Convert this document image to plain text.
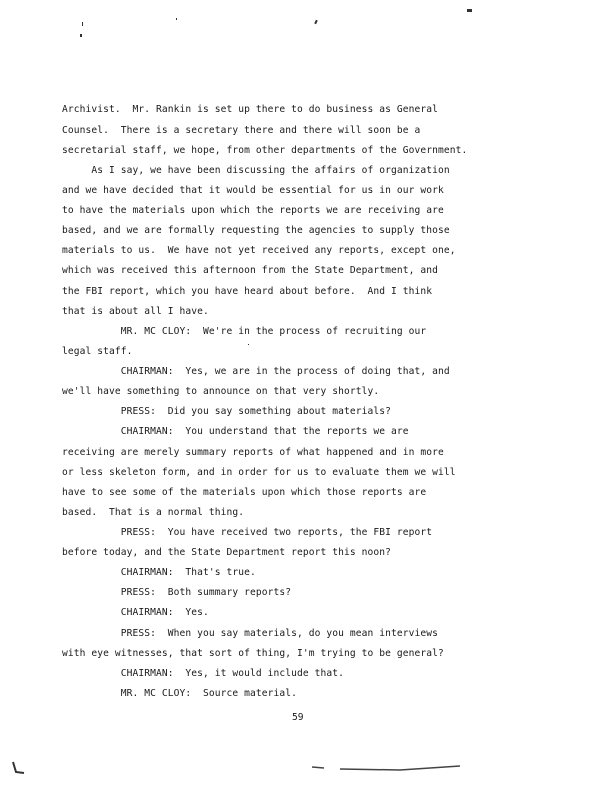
Archivist.  Mr. Rankin is set up there to do business as General
Counsel.  There is a secretary there and there will soon be a
secretarial staff, we hope, from other departments of the Government.
As I say, we have been discussing the affairs of organization
and we have decided that it would be essential for us in our work
to have the materials upon which the reports we are receiving are
based, and we are formally requesting the agencies to supply those
materials to us.  We have not yet received any reports, except one,
which was received this afternoon from the State Department, and
the FBI report, which you have heard about before.  And I think
that is about all I have.
MR. MC CLOY:  We're in the process of recruiting our
legal staff.
CHAIRMAN:  Yes, we are in the process of doing that, and
we'll have something to announce on that very shortly.
PRESS:  Did you say something about materials?
CHAIRMAN:  You understand that the reports we are
receiving are merely summary reports of what happened and in more
or less skeleton form, and in order for us to evaluate them we will
have to see some of the materials upon which those reports are
based.  That is a normal thing.
PRESS:  You have received two reports, the FBI report
before today, and the State Department report this noon?
CHAIRMAN:  That's true.
PRESS:  Both summary reports?
CHAIRMAN:  Yes.
PRESS:  When you say materials, do you mean interviews
with eye witnesses, that sort of thing, I'm trying to be general?
CHAIRMAN:  Yes, it would include that.
MR. MC CLOY:  Source material.
59
